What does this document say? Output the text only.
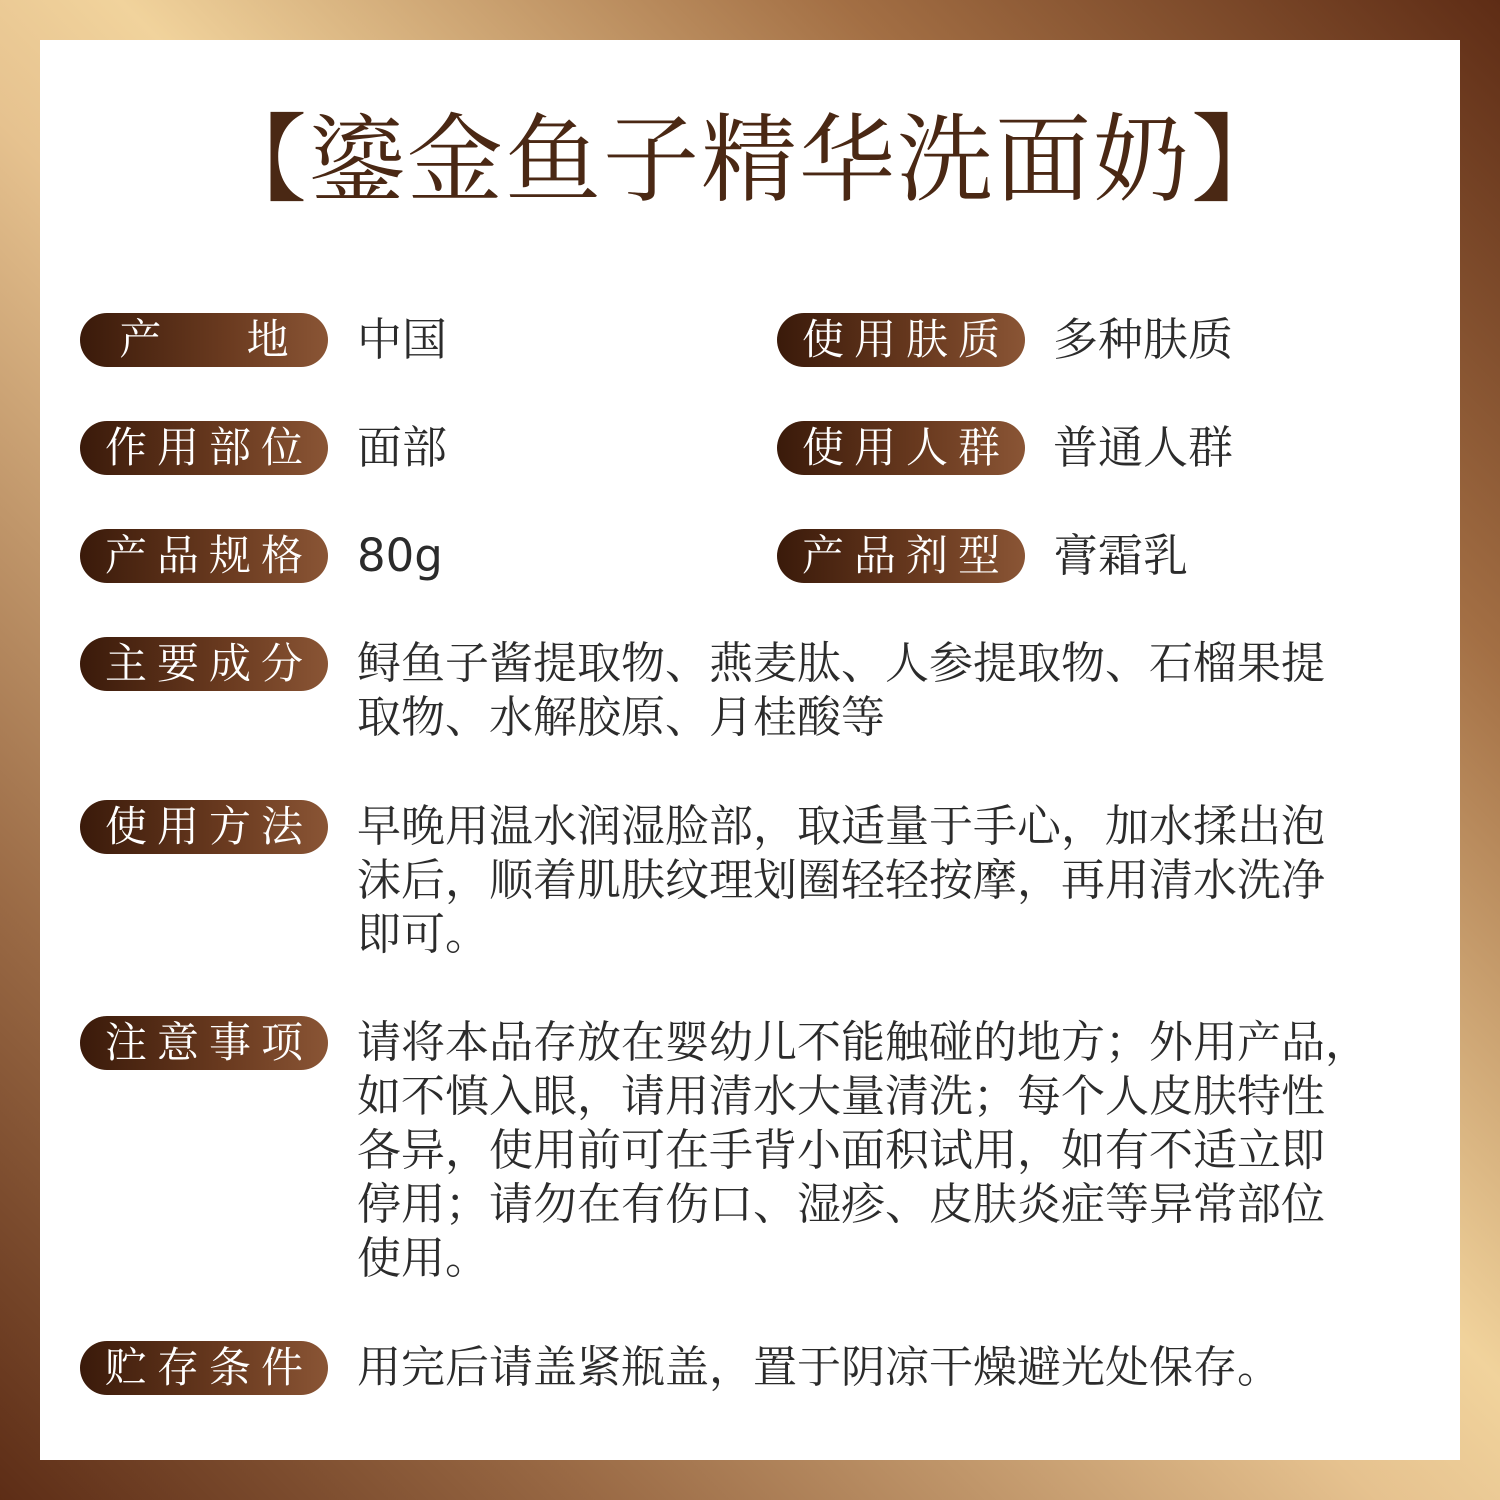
【鎏金鱼子精华洗面奶】
产 地 中国	使用肤质 多种肤质
作用部位 面部	使用人群 普通人群
产品规格 80g	产品剂型 膏霜乳
主要成分	鲟鱼子酱提取物、燕麦肽、人参提取物、石榴果提
取物、水解胶原、月桂酸等
使用方法	早晚用温水润湿脸部，取适量于手心，加水揉出泡
沫后，顺着肌肤纹理划圈轻轻按摩，再用清水洗净
即可。
注意事项	请将本品存放在婴幼儿不能触碰的地方；外用产品，
如不慎入眼，请用清水大量清洗；每个人皮肤特性
各异，使用前可在手背小面积试用，如有不适立即
停用；请勿在有伤口、湿疹、皮肤炎症等异常部位
使用。
贮存条件	用完后请盖紧瓶盖，置于阴凉干燥避光处保存。
